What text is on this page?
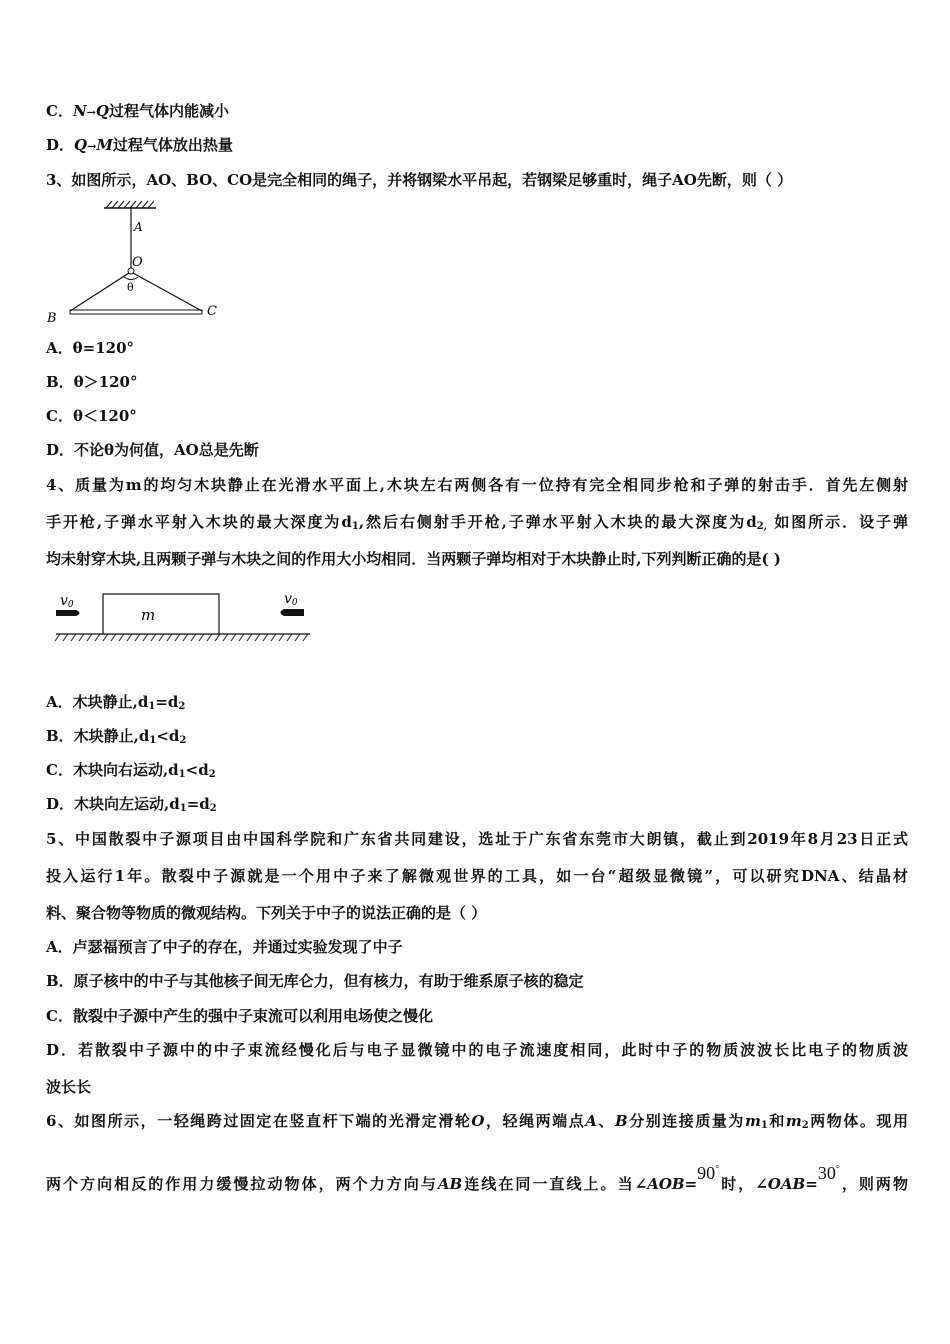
C．N→Q过程气体内能减小
D．Q→M过程气体放出热量
3、如图所示，AO、BO、CO是完全相同的绳子，并将钢梁水平吊起，若钢梁足够重时，绳子AO先断，则（ ）
A
O
θ
B	C
A．θ=120°
B．θ＞120°
C．θ＜120°
D．不论θ为何值，AO总是先断
4、质量为m的均匀木块静止在光滑水平面上,木块左右两侧各有一位持有完全相同步枪和子弹的射击手．首先左侧射
手开枪,子弹水平射入木块的最大深度为$d_1$,然后右侧射手开枪,子弹水平射入木块的最大深度为$d_{2,}$ 如图所示．设子弹
均未射穿木块,且两颗子弹与木块之间的作用大小均相同．当两颗子弹均相对于木块静止时,下列判断正确的是( )
m
v0	v0
A．木块静止$,d_1=d_2$
B．木块静止$,d_1<d_2$
C．木块向右运动$,d_1<d_2$
D．木块向左运动$,d_1=d_2$
5、中国散裂中子源项目由中国科学院和广东省共同建设，选址于广东省东莞市大朗镇，截止到2019年8月23日正式
投入运行1年。散裂中子源就是一个用中子来了解微观世界的工具，如一台“超级显微镜”，可以研究DNA、结晶材
料、聚合物等物质的微观结构。下列关于中子的说法正确的是（ ）
A．卢瑟福预言了中子的存在，并通过实验发现了中子
B．原子核中的中子与其他核子间无库仑力，但有核力，有助于维系原子核的稳定
C．散裂中子源中产生的强中子束流可以利用电场使之慢化
D．若散裂中子源中的中子束流经慢化后与电子显微镜中的电子流速度相同，此时中子的物质波波长比电子的物质波
波长长
6、如图所示，一轻绳跨过固定在竖直杆下端的光滑定滑轮O，轻绳两端点A、B分别连接质量为$m_1$和$m_2$两物体。现用
两个方向相反的作用力缓慢拉动物体，两个力方向与AB连线在同一直线上。当∠AOB=90°时，∠OAB=30°，则两物
